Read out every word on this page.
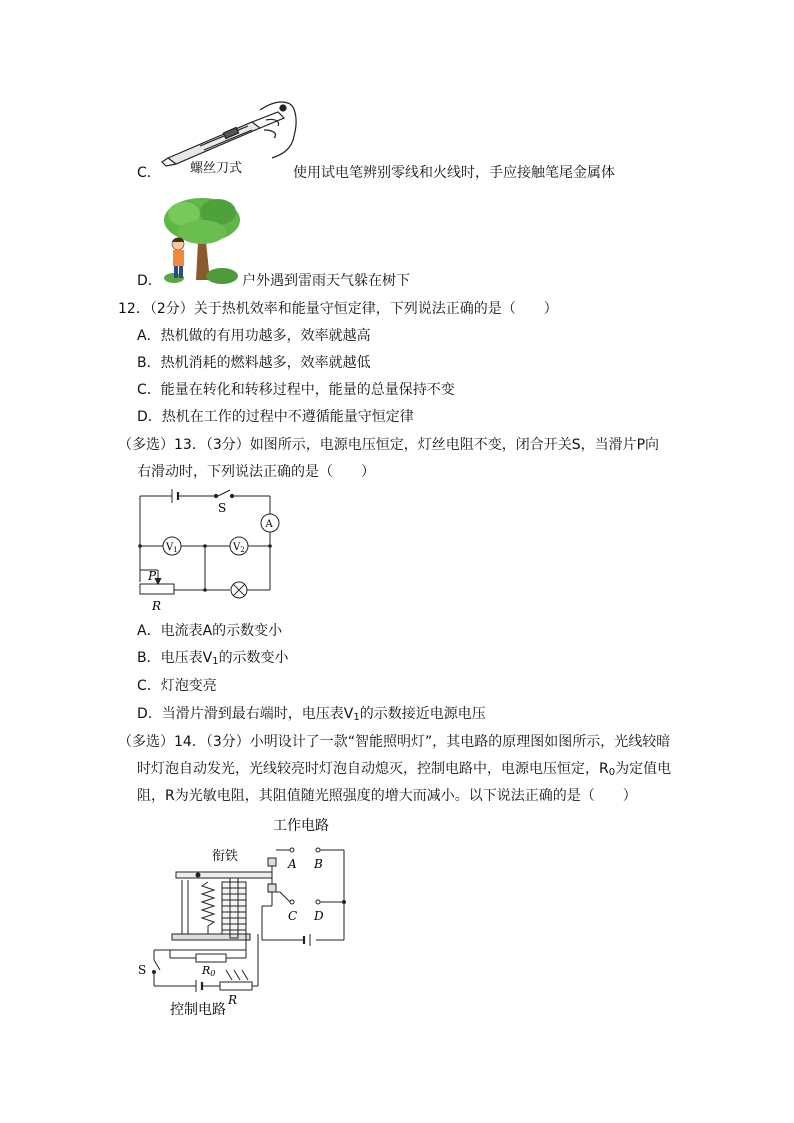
C． 螺丝刀式	使用试电笔辨别零线和火线时，手应接触笔尾金属体
D．	户外遇到雷雨天气躲在树下
12．（2分）关于热机效率和能量守恒定律，下列说法正确的是（　　）
A．热机做的有用功越多，效率就越高
B．热机消耗的燃料越多，效率就越低
C．能量在转化和转移过程中，能量的总量保持不变
D．热机在工作的过程中不遵循能量守恒定律
（多选）13．（3分）如图所示，电源电压恒定，灯丝电阻不变，闭合开关S，当滑片P向
右滑动时，下列说法正确的是（　　）
S
A
$V_1$	$V_2$
P
R
A．电流表A的示数变小
B．电压表$V_1$的示数变小
C．灯泡变亮
D．当滑片滑到最右端时，电压表$V_1$的示数接近电源电压
（多选）14．（3分）小明设计了一款“智能照明灯”，其电路的原理图如图所示，光线较暗
时灯泡自动发光，光线较亮时灯泡自动熄灭，控制电路中，电源电压恒定，$R_0$为定值电
阻，R为光敏电阻，其阻值随光照强度的增大而减小。以下说法正确的是（　　）
工作电路
衔铁	A B
C D
S	R0
R
控制电路
